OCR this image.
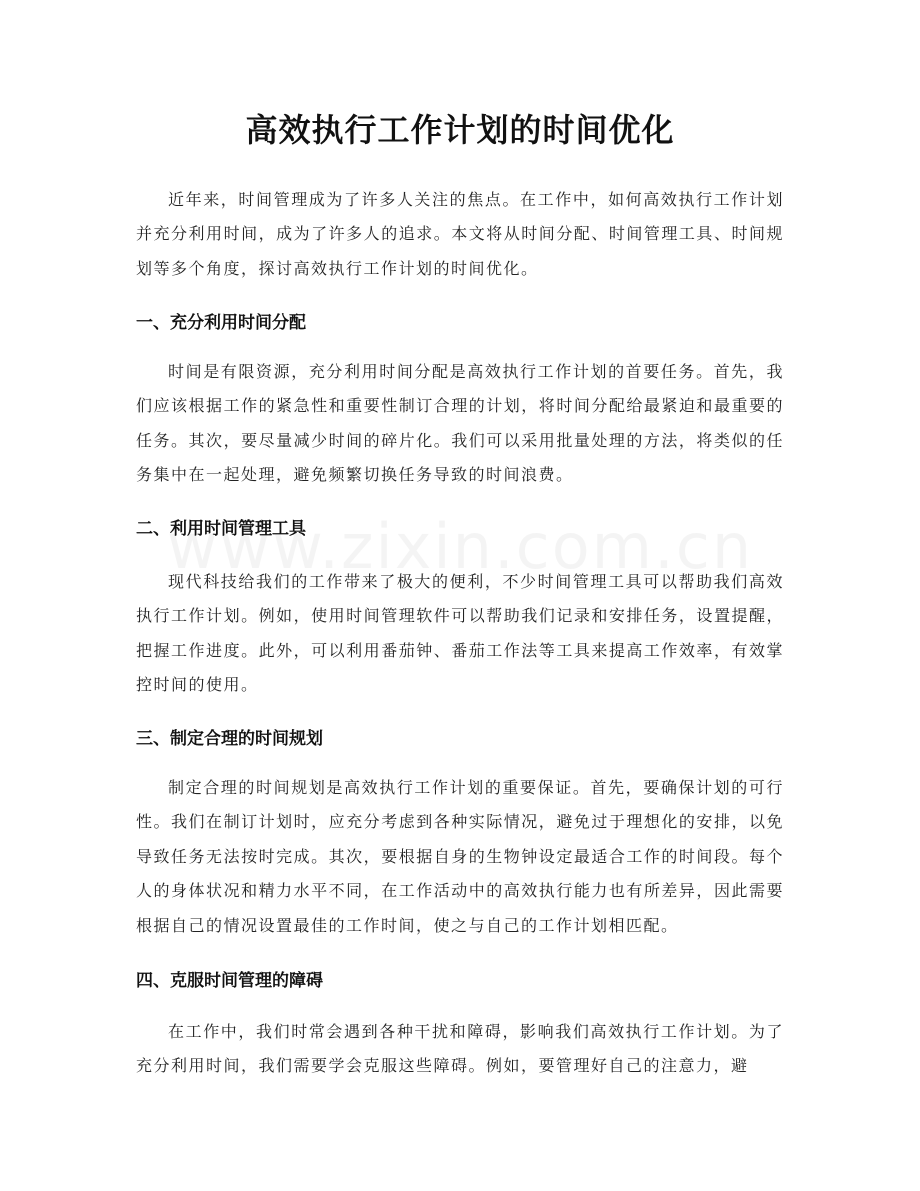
高效执行工作计划的时间优化

近年来，时间管理成为了许多人关注的焦点。在工作中，如何高效执行工作计划并充分利用时间，成为了许多人的追求。本文将从时间分配、时间管理工具、时间规划等多个角度，探讨高效执行工作计划的时间优化。

一、充分利用时间分配

时间是有限资源，充分利用时间分配是高效执行工作计划的首要任务。首先，我们应该根据工作的紧急性和重要性制订合理的计划，将时间分配给最紧迫和最重要的任务。其次，要尽量减少时间的碎片化。我们可以采用批量处理的方法，将类似的任务集中在一起处理，避免频繁切换任务导致的时间浪费。

二、利用时间管理工具

现代科技给我们的工作带来了极大的便利，不少时间管理工具可以帮助我们高效执行工作计划。例如，使用时间管理软件可以帮助我们记录和安排任务，设置提醒，把握工作进度。此外，可以利用番茄钟、番茄工作法等工具来提高工作效率，有效掌控时间的使用。

三、制定合理的时间规划

制定合理的时间规划是高效执行工作计划的重要保证。首先，要确保计划的可行性。我们在制订计划时，应充分考虑到各种实际情况，避免过于理想化的安排，以免导致任务无法按时完成。其次，要根据自身的生物钟设定最适合工作的时间段。每个人的身体状况和精力水平不同，在工作活动中的高效执行能力也有所差异，因此需要根据自己的情况设置最佳的工作时间，使之与自己的工作计划相匹配。

四、克服时间管理的障碍

在工作中，我们时常会遇到各种干扰和障碍，影响我们高效执行工作计划。为了充分利用时间，我们需要学会克服这些障碍。例如，要管理好自己的注意力，避
